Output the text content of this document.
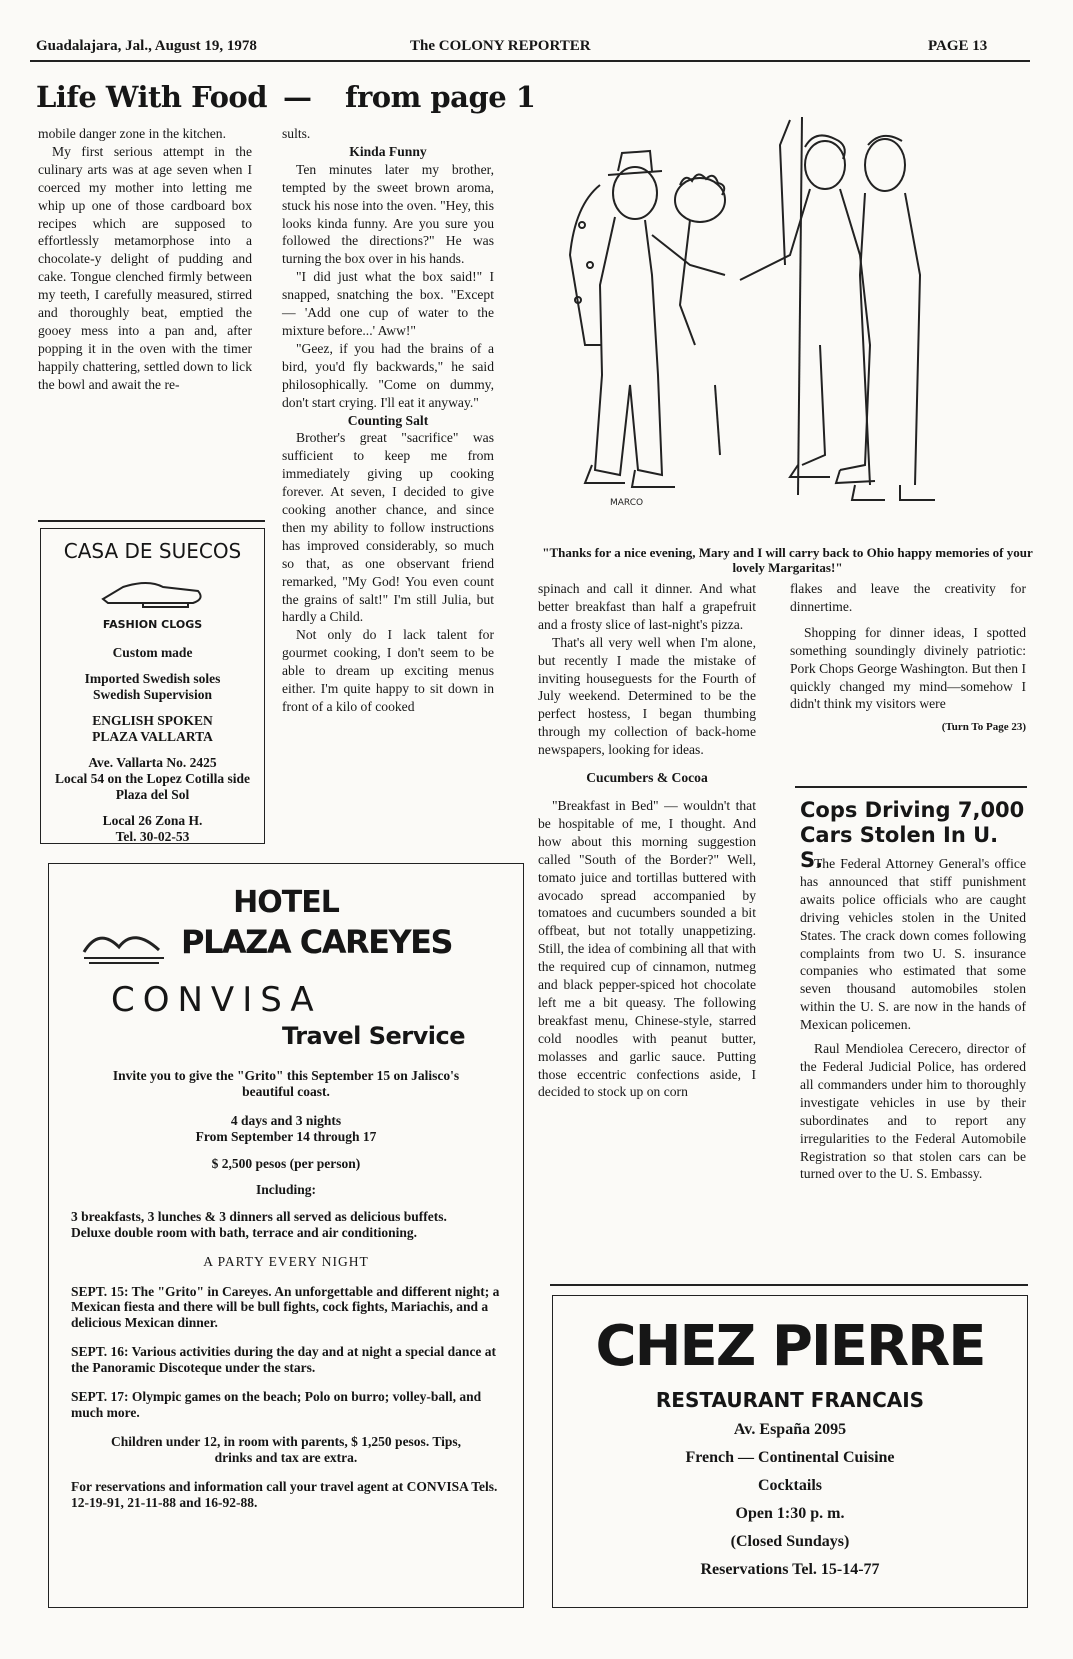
Guadalajara, Jal., August 19, 1978	The COLONY REPORTER	PAGE 13
Life With Food — from page 1

mobile danger zone in the kitchen.

My first serious attempt in the culinary arts was at age seven when I coerced my mother into letting me whip up one of those cardboard box recipes which are supposed to effortlessly metamorphose into a chocolate-y delight of pudding and cake. Tongue clenched firmly between my teeth, I carefully measured, stirred and thoroughly beat, emptied the gooey mess into a pan and, after popping it in the oven with the timer happily chattering, settled down to lick the bowl and await the re-

sults.

Kinda Funny

Ten minutes later my brother, tempted by the sweet brown aroma, stuck his nose into the oven. "Hey, this looks kinda funny. Are you sure you followed the directions?" He was turning the box over in his hands.

"I did just what the box said!" I snapped, snatching the box. "Except — 'Add one cup of water to the mixture before...' Aww!"

"Geez, if you had the brains of a bird, you'd fly backwards," he said philosophically. "Come on dummy, don't start crying. I'll eat it anyway."

Counting Salt

Brother's great "sacrifice" was sufficient to keep me from immediately giving up cooking forever. At seven, I decided to give cooking another chance, and since then my ability to follow instructions has improved considerably, so much so that, as one observant friend remarked, "My God! You even count the grains of salt!" I'm still Julia, but hardly a Child.

Not only do I lack talent for gourmet cooking, I don't seem to be able to dream up exciting menus either. I'm quite happy to sit down in front of a kilo of cooked

MARCO
"Thanks for a nice evening, Mary and I will carry back to Ohio happy memories of your lovely Margaritas!"

spinach and call it dinner. And what better breakfast than half a grapefruit and a frosty slice of last-night's pizza.

That's all very well when I'm alone, but recently I made the mistake of inviting houseguests for the Fourth of July weekend. Determined to be the perfect hostess, I began thumbing through my collection of back-home newspapers, looking for ideas.

Cucumbers & Cocoa

"Breakfast in Bed" — wouldn't that be hospitable of me, I thought. And how about this morning suggestion called "South of the Border?" Well, tomato juice and tortillas buttered with avocado spread accompanied by tomatoes and cucumbers sounded a bit offbeat, but not totally unappetizing. Still, the idea of combining all that with the required cup of cinnamon, nutmeg and black pepper-spiced hot chocolate left me a bit queasy. The following breakfast menu, Chinese-style, starred cold noodles with peanut butter, molasses and garlic sauce. Putting those eccentric confections aside, I decided to stock up on corn

flakes and leave the creativity for dinnertime.

Shopping for dinner ideas, I spotted something soundingly divinely patriotic: Pork Chops George Washington. But then I quickly changed my mind—somehow I didn't think my visitors were

(Turn To Page 23)

Cops Driving 7,000 Cars Stolen In U. S.

The Federal Attorney General's office has announced that stiff punishment awaits police officials who are caught driving vehicles stolen in the United States. The crack down comes following complaints from two U. S. insurance companies who estimated that some seven thousand automobiles stolen within the U. S. are now in the hands of Mexican policemen.

Raul Mendiolea Cerecero, director of the Federal Judicial Police, has ordered all commanders under him to thoroughly investigate vehicles in use by their subordinates and to report any irregularities to the Federal Automobile Registration so that stolen cars can be turned over to the U. S. Embassy.

CASA DE SUECOS
FASHION CLOGS
Custom made
Imported Swedish soles
Swedish Supervision
ENGLISH SPOKEN
PLAZA VALLARTA
Ave. Vallarta No. 2425
Local 54 on the Lopez Cotilla side
Plaza del Sol
Local 26 Zona H.
Tel. 30-02-53
HOTEL
PLAZA CAREYES
CONVISA
Travel Service
Invite you to give the "Grito" this September 15 on Jalisco's beautiful coast.
4 days and 3 nights
From September 14 through 17
$ 2,500 pesos (per person)
Including:
3 breakfasts, 3 lunches & 3 dinners all served as delicious buffets.
Deluxe double room with bath, terrace and air conditioning.
A PARTY EVERY NIGHT
SEPT. 15: The "Grito" in Careyes. An unforgettable and different night; a Mexican fiesta and there will be bull fights, cock fights, Mariachis, and a delicious Mexican dinner.
SEPT. 16: Various activities during the day and at night a special dance at the Panoramic Discoteque under the stars.
SEPT. 17: Olympic games on the beach; Polo on burro; volley-ball, and much more.
Children under 12, in room with parents, $ 1,250 pesos. Tips, drinks and tax are extra.
For reservations and information call your travel agent at CONVISA Tels. 12-19-91, 21-11-88 and 16-92-88.
CHEZ PIERRE
RESTAURANT FRANCAIS
Av. España 2095
French — Continental Cuisine
Cocktails
Open 1:30 p. m.
(Closed Sundays)
Reservations Tel. 15-14-77
